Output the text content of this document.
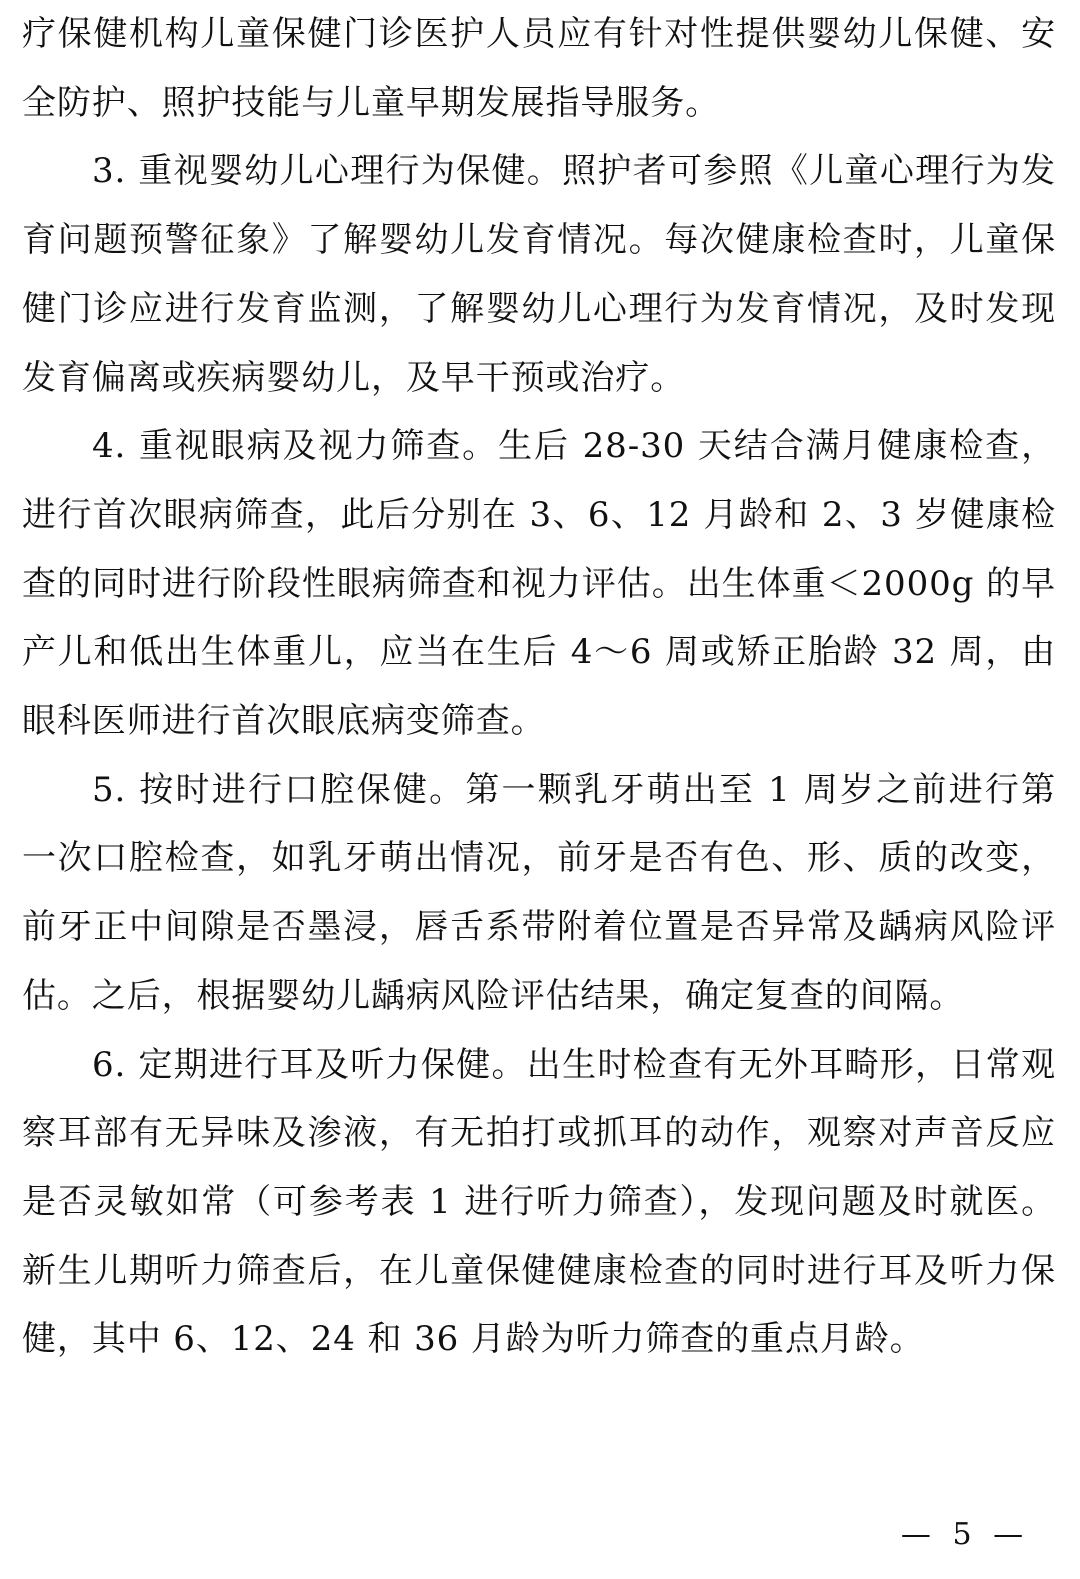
疗保健机构儿童保健门诊医护人员应有针对性提供婴幼儿保健、安全防护、照护技能与儿童早期发展指导服务。

3. 重视婴幼儿心理行为保健。照护者可参照《儿童心理行为发育问题预警征象》了解婴幼儿发育情况。每次健康检查时，儿童保健门诊应进行发育监测，了解婴幼儿心理行为发育情况，及时发现发育偏离或疾病婴幼儿，及早干预或治疗。

4. 重视眼病及视力筛查。生后 28-30 天结合满月健康检查，进行首次眼病筛查，此后分别在 3、6、12 月龄和 2、3 岁健康检查的同时进行阶段性眼病筛查和视力评估。出生体重＜2000g 的早产儿和低出生体重儿，应当在生后 4～6 周或矫正胎龄 32 周，由眼科医师进行首次眼底病变筛查。

5. 按时进行口腔保健。第一颗乳牙萌出至 1 周岁之前进行第一次口腔检查，如乳牙萌出情况，前牙是否有色、形、质的改变，前牙正中间隙是否墨浸，唇舌系带附着位置是否异常及龋病风险评估。之后，根据婴幼儿龋病风险评估结果，确定复查的间隔。

6. 定期进行耳及听力保健。出生时检查有无外耳畸形，日常观察耳部有无异味及渗液，有无拍打或抓耳的动作，观察对声音反应是否灵敏如常（可参考表 1 进行听力筛查），发现问题及时就医。新生儿期听力筛查后，在儿童保健健康检查的同时进行耳及听力保健，其中 6、12、24 和 36 月龄为听力筛查的重点月龄。

— 5 —
